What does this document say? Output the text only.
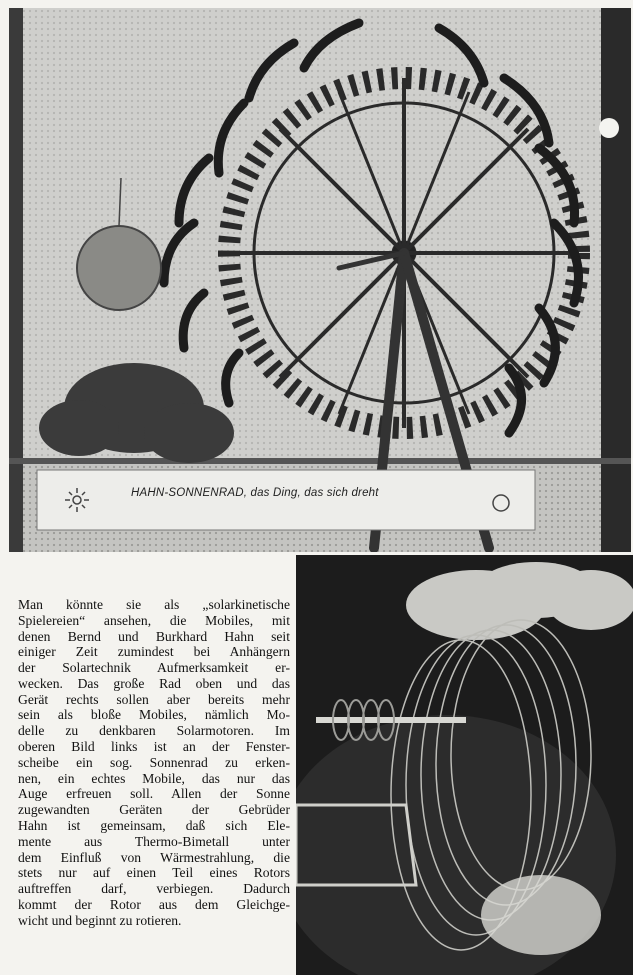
HAHN-SONNENRAD, das Ding, das sich dreht
Man könnte sie als „solarkinetische
Spielereien“ ansehen, die Mobiles, mit
denen Bernd und Burkhard Hahn seit
einiger Zeit zumindest bei Anhängern
der Solartechnik Aufmerksamkeit er-
wecken. Das große Rad oben und das
Gerät rechts sollen aber bereits mehr
sein als bloße Mobiles, nämlich Mo-
delle zu denkbaren Solarmotoren. Im
oberen Bild links ist an der Fenster-
scheibe ein sog. Sonnenrad zu erken-
nen, ein echtes Mobile, das nur das
Auge erfreuen soll. Allen der Sonne
zugewandten Geräten der Gebrüder
Hahn ist gemeinsam, daß sich Ele-
mente aus Thermo-Bimetall unter
dem Einfluß von Wärmestrahlung, die
stets nur auf einen Teil eines Rotors
auftreffen darf, verbiegen. Dadurch
kommt der Rotor aus dem Gleichge-
wicht und beginnt zu rotieren.
